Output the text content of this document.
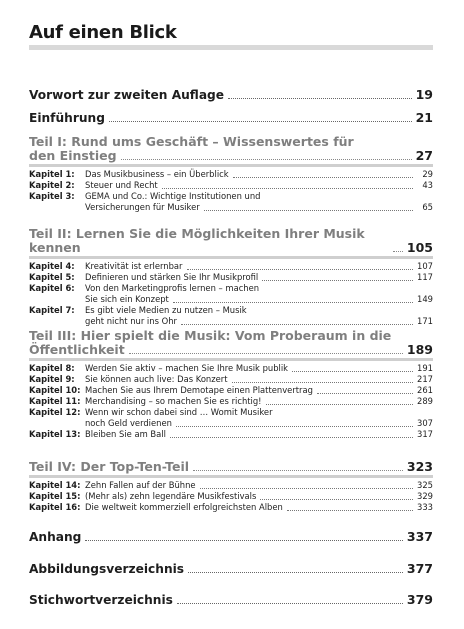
Auf einen Blick
Vorwort zur zweiten Auflage	19
Einführung	21
Teil I: Rund ums Geschäft – Wissenswertes für
den Einstieg	27
Kapitel 1:	Das Musikbusiness – ein Überblick	29
Kapitel 2:	Steuer und Recht	43
Kapitel 3:	GEMA und Co.: Wichtige Institutionen und
Versicherungen für Musiker	65
Teil II: Lernen Sie die Möglichkeiten Ihrer Musik kennen	105
Kapitel 4:	Kreativität ist erlernbar	107
Kapitel 5:	Definieren und stärken Sie Ihr Musikprofil	117
Kapitel 6:	Von den Marketingprofis lernen – machen
Sie sich ein Konzept	149
Kapitel 7:	Es gibt viele Medien zu nutzen – Musik
geht nicht nur ins Ohr	171
Teil III: Hier spielt die Musik: Vom Proberaum in die
Öffentlichkeit	189
Kapitel 8:	Werden Sie aktiv – machen Sie Ihre Musik publik	191
Kapitel 9:	Sie können auch live: Das Konzert	217
Kapitel 10: Machen Sie aus Ihrem Demotape einen Plattenvertrag	261
Kapitel 11: Merchandising – so machen Sie es richtig!	289
Kapitel 12: Wenn wir schon dabei sind … Womit Musiker
noch Geld verdienen	307
Kapitel 13: Bleiben Sie am Ball	317
Teil IV: Der Top-Ten-Teil	323
Kapitel 14: Zehn Fallen auf der Bühne	325
Kapitel 15: (Mehr als) zehn legendäre Musikfestivals	329
Kapitel 16: Die weltweit kommerziell erfolgreichsten Alben	333
Anhang	337
Abbildungsverzeichnis	377
Stichwortverzeichnis	379
